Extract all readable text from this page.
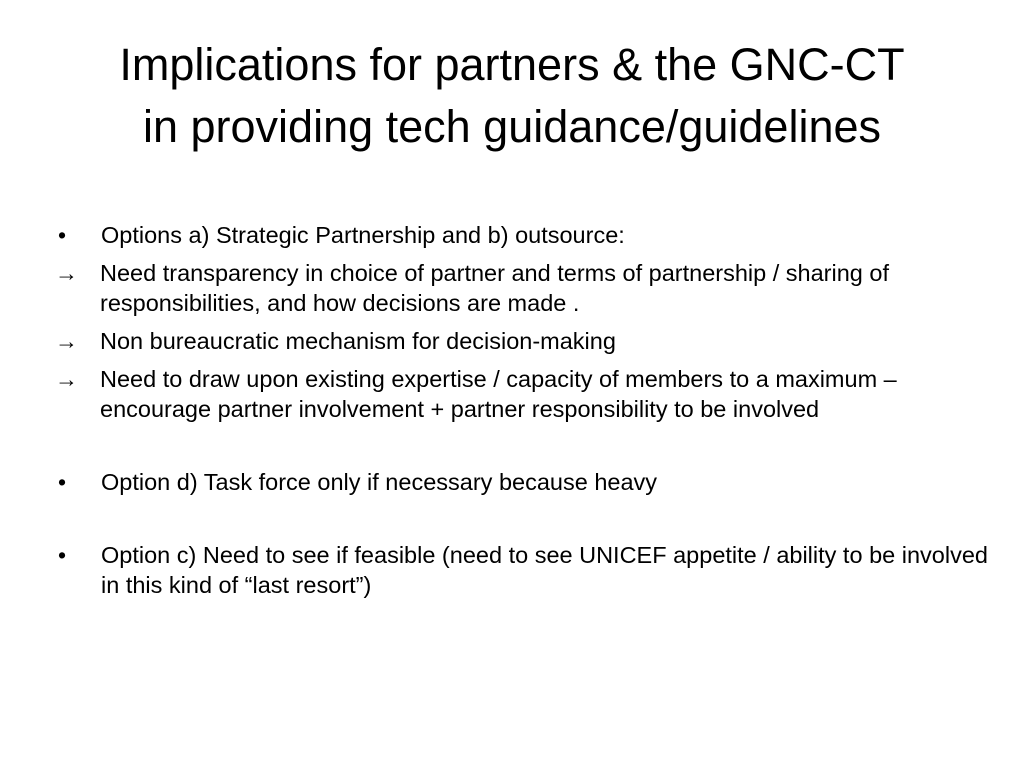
Implications for partners & the GNC-CT
in providing tech guidance/guidelines
•	Options a) Strategic Partnership and b) outsource:
→ Need transparency in choice of partner and terms of partnership / sharing of responsibilities, and how decisions are made .
→ Non bureaucratic mechanism for decision-making
→ Need to draw upon existing expertise / capacity of members to a maximum – encourage partner involvement + partner responsibility to be involved
•	Option d) Task force only if necessary because heavy
•	Option c) Need to see if feasible (need to see UNICEF appetite / ability to be involved in this kind of “last resort”)
